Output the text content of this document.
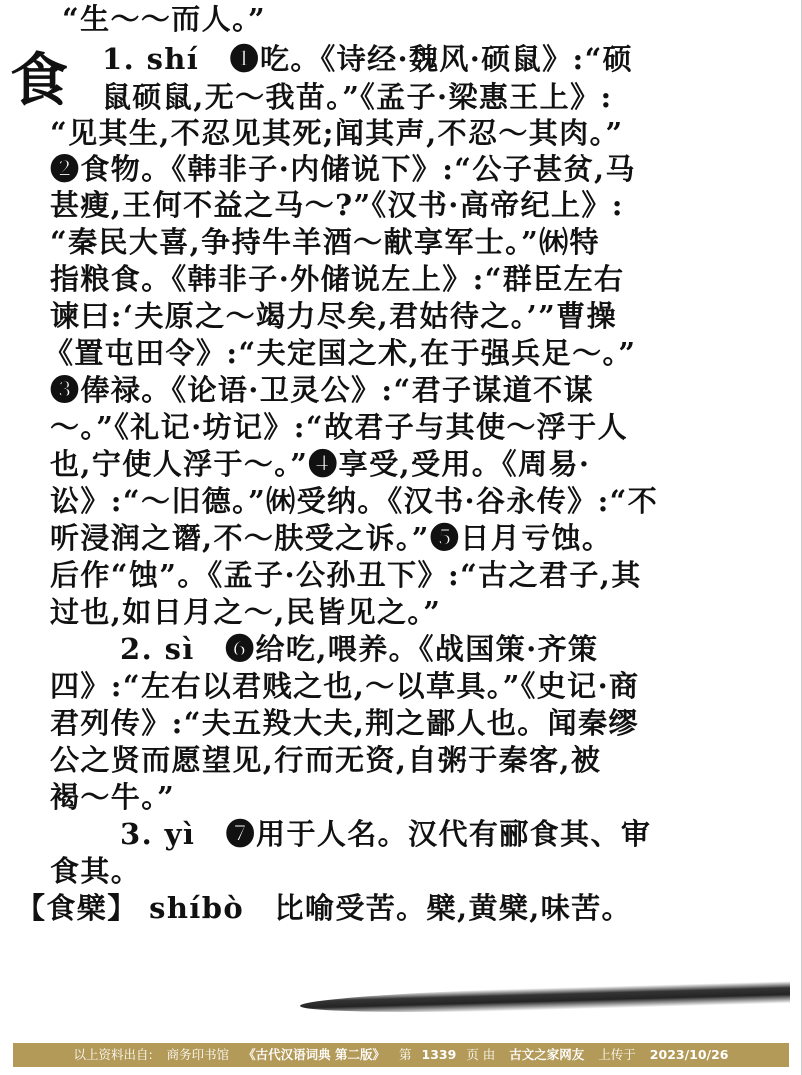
食
“生～～而人。”
1. shí　❶吃。《诗经·魏风·硕鼠》:“硕
鼠硕鼠,无～我苗。”《孟子·梁惠王上》:
“见其生,不忍见其死;闻其声,不忍～其肉。”
❷食物。《韩非子·内储说下》:“公子甚贫,马
甚瘦,王何不益之马～?”《汉书·高帝纪上》:
“秦民大喜,争持牛羊酒～献享军士。”㉁特
指粮食。《韩非子·外储说左上》:“群臣左右
谏曰:‘夫原之～竭力尽矣,君姑待之。’”曹操
《置屯田令》:“夫定国之术,在于强兵足～。”
❸俸禄。《论语·卫灵公》:“君子谋道不谋
～。”《礼记·坊记》:“故君子与其使～浮于人
也,宁使人浮于～。”❹享受,受用。《周易·
讼》:“～旧德。”㉁受纳。《汉书·谷永传》:“不
听浸润之谮,不～肤受之诉。”❺日月亏蚀。
后作“蚀”。《孟子·公孙丑下》:“古之君子,其
过也,如日月之～,民皆见之。”
2. sì　❻给吃,喂养。《战国策·齐策
四》:“左右以君贱之也,～以草具。”《史记·商
君列传》:“夫五羖大夫,荆之鄙人也。闻秦缪
公之贤而愿望见,行而无资,自粥于秦客,被
褐～牛。”
3. yì　❼用于人名。汉代有郦食其、审
食其。
【食檗】 shíbò　比喻受苦。檗,黄檗,味苦。
以上资料出自: 商务印书馆 《古代汉语词典 第二版》 第 1339 页 由 古文之家网友 上传于 2023/10/26
